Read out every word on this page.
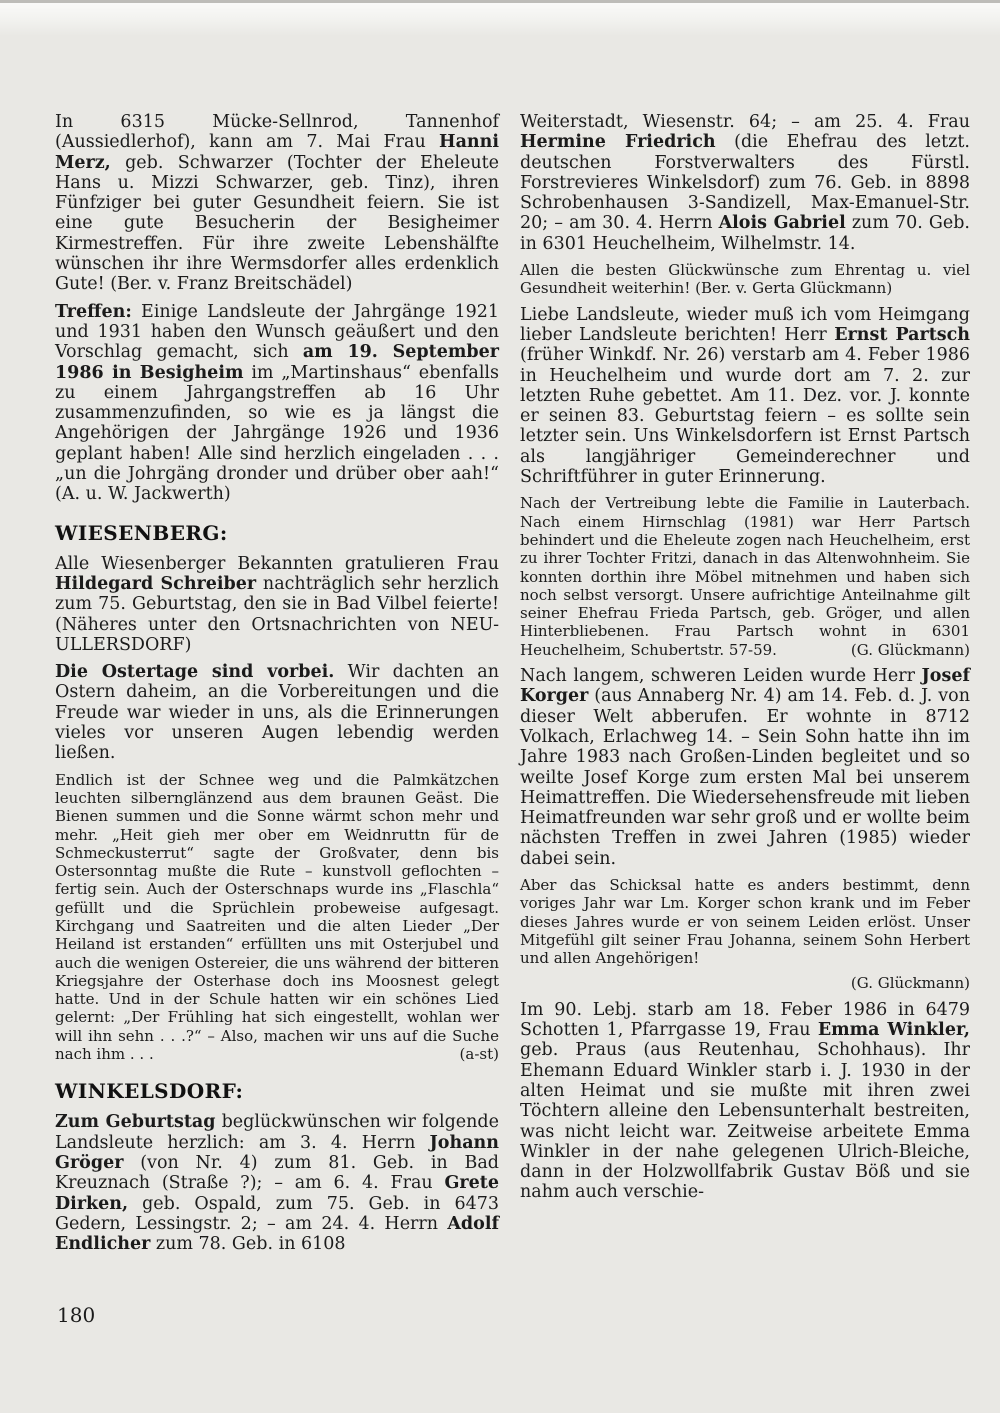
In 6315 Mücke-Sellnrod, Tannenhof (Aussiedlerhof), kann am 7. Mai Frau Hanni Merz, geb. Schwarzer (Tochter der Eheleute Hans u. Mizzi Schwarzer, geb. Tinz), ihren Fünfziger bei guter Gesundheit feiern. Sie ist eine gute Besucherin der Besigheimer Kirmestreffen. Für ihre zweite Lebenshälfte wünschen ihr ihre Wermsdorfer alles erdenklich Gute! (Ber. v. Franz Breitschädel)

Treffen: Einige Landsleute der Jahrgänge 1921 und 1931 haben den Wunsch geäußert und den Vorschlag gemacht, sich am 19. September 1986 in Besigheim im „Martinshaus“ ebenfalls zu einem Jahrgangstreffen ab 16 Uhr zusammenzufinden, so wie es ja längst die Angehörigen der Jahrgänge 1926 und 1936 geplant haben! Alle sind herzlich eingeladen . . . „un die Johrgäng dronder und drüber ober aah!“ (A. u. W. Jackwerth)

WIESENBERG:

Alle Wiesenberger Bekannten gratulieren Frau Hildegard Schreiber nachträglich sehr herzlich zum 75. Geburtstag, den sie in Bad Vilbel feierte! (Näheres unter den Ortsnachrichten von NEU-ULLERSDORF)

Die Ostertage sind vorbei. Wir dachten an Ostern daheim, an die Vorbereitungen und die Freude war wieder in uns, als die Erinnerungen vieles vor unseren Augen lebendig werden ließen.

Endlich ist der Schnee weg und die Palmkätzchen leuchten silbernglänzend aus dem braunen Geäst. Die Bienen summen und die Sonne wärmt schon mehr und mehr. „Heit gieh mer ober em Weidnruttn für de Schmeckusterrut“ sagte der Großvater, denn bis Ostersonntag mußte die Rute – kunstvoll geflochten – fertig sein. Auch der Osterschnaps wurde ins „Flaschla“ gefüllt und die Sprüchlein probeweise aufgesagt. Kirchgang und Saatreiten und die alten Lieder „Der Heiland ist erstanden“ erfüllten uns mit Osterjubel und auch die wenigen Ostereier, die uns während der bitteren Kriegsjahre der Osterhase doch ins Moosnest gelegt hatte. Und in der Schule hatten wir ein schönes Lied gelernt: „Der Frühling hat sich eingestellt, wohlan wer will ihn sehn . . .?“ – Also, machen wir uns auf die Suche nach ihm . . .	(a-st)

WINKELSDORF:

Zum Geburtstag beglückwünschen wir folgende Landsleute herzlich: am 3. 4. Herrn Johann Gröger (von Nr. 4) zum 81. Geb. in Bad Kreuznach (Straße ?); – am 6. 4. Frau Grete Dirken, geb. Ospald, zum 75. Geb. in 6473 Gedern, Lessingstr. 2; – am 24. 4. Herrn Adolf Endlicher zum 78. Geb. in 6108

Weiterstadt, Wiesenstr. 64; – am 25. 4. Frau Hermine Friedrich (die Ehefrau des letzt. deutschen Forstverwalters des Fürstl. Forstrevieres Winkelsdorf) zum 76. Geb. in 8898 Schrobenhausen 3-Sandizell, Max-Emanuel-Str. 20; – am 30. 4. Herrn Alois Gabriel zum 70. Geb. in 6301 Heuchelheim, Wilhelmstr. 14.

Allen die besten Glückwünsche zum Ehrentag u. viel Gesundheit weiterhin! (Ber. v. Gerta Glückmann)

Liebe Landsleute, wieder muß ich vom Heimgang lieber Landsleute berichten! Herr Ernst Partsch (früher Winkdf. Nr. 26) verstarb am 4. Feber 1986 in Heuchelheim und wurde dort am 7. 2. zur letzten Ruhe gebettet. Am 11. Dez. vor. J. konnte er seinen 83. Geburtstag feiern – es sollte sein letzter sein. Uns Winkelsdorfern ist Ernst Partsch als langjähriger Gemeinderechner und Schriftführer in guter Erinnerung.

Nach der Vertreibung lebte die Familie in Lauterbach. Nach einem Hirnschlag (1981) war Herr Partsch behindert und die Eheleute zogen nach Heuchelheim, erst zu ihrer Tochter Fritzi, danach in das Altenwohnheim. Sie konnten dorthin ihre Möbel mitnehmen und haben sich noch selbst versorgt. Unsere aufrichtige Anteilnahme gilt seiner Ehefrau Frieda Partsch, geb. Gröger, und allen Hinterbliebenen. Frau Partsch wohnt in 6301 Heuchelheim, Schubertstr. 57-59.	(G. Glückmann)

Nach langem, schweren Leiden wurde Herr Josef Korger (aus Annaberg Nr. 4) am 14. Feb. d. J. von dieser Welt abberufen. Er wohnte in 8712 Volkach, Erlachweg 14. – Sein Sohn hatte ihn im Jahre 1983 nach Großen-Linden begleitet und so weilte Josef Korge zum ersten Mal bei unserem Heimattreffen. Die Wiedersehensfreude mit lieben Heimatfreunden war sehr groß und er wollte beim nächsten Treffen in zwei Jahren (1985) wieder dabei sein.

Aber das Schicksal hatte es anders bestimmt, denn voriges Jahr war Lm. Korger schon krank und im Feber dieses Jahres wurde er von seinem Leiden erlöst. Unser Mitgefühl gilt seiner Frau Johanna, seinem Sohn Herbert und allen Angehörigen!

(G. Glückmann)

Im 90. Lebj. starb am 18. Feber 1986 in 6479 Schotten 1, Pfarrgasse 19, Frau Emma Winkler, geb. Praus (aus Reutenhau, Schohhaus). Ihr Ehemann Eduard Winkler starb i. J. 1930 in der alten Heimat und sie mußte mit ihren zwei Töchtern alleine den Lebensunterhalt bestreiten, was nicht leicht war. Zeitweise arbeitete Emma Winkler in der nahe gelegenen Ulrich-Bleiche, dann in der Holzwollfabrik Gustav Böß und sie nahm auch verschie-

180
